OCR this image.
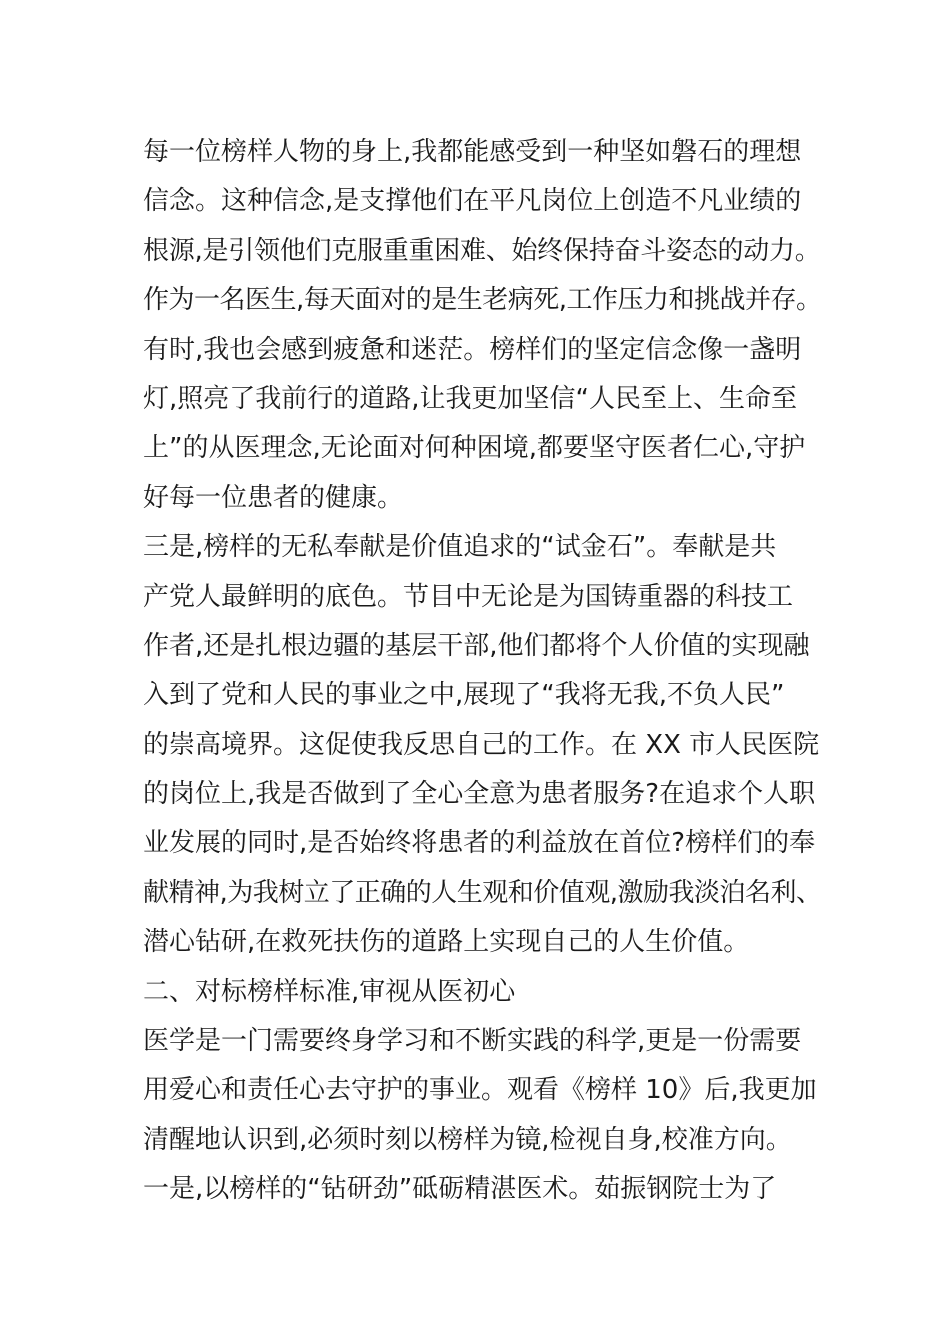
每一位榜样人物的身上,我都能感受到一种坚如磐石的理想
信念。这种信念,是支撑他们在平凡岗位上创造不凡业绩的
根源,是引领他们克服重重困难、始终保持奋斗姿态的动力。
作为一名医生,每天面对的是生老病死,工作压力和挑战并存。
有时,我也会感到疲惫和迷茫。榜样们的坚定信念像一盏明
灯,照亮了我前行的道路,让我更加坚信“人民至上、生命至
上”的从医理念,无论面对何种困境,都要坚守医者仁心,守护
好每一位患者的健康。
三是,榜样的无私奉献是价值追求的“试金石”。奉献是共
产党人最鲜明的底色。节目中无论是为国铸重器的科技工
作者,还是扎根边疆的基层干部,他们都将个人价值的实现融
入到了党和人民的事业之中,展现了“我将无我,不负人民”
的崇高境界。这促使我反思自己的工作。在 XX 市人民医院
的岗位上,我是否做到了全心全意为患者服务?在追求个人职
业发展的同时,是否始终将患者的利益放在首位?榜样们的奉
献精神,为我树立了正确的人生观和价值观,激励我淡泊名利、
潜心钻研,在救死扶伤的道路上实现自己的人生价值。
二、对标榜样标准,审视从医初心
医学是一门需要终身学习和不断实践的科学,更是一份需要
用爱心和责任心去守护的事业。观看《榜样 10》后,我更加
清醒地认识到,必须时刻以榜样为镜,检视自身,校准方向。
一是,以榜样的“钻研劲”砥砺精湛医术。茹振钢院士为了
